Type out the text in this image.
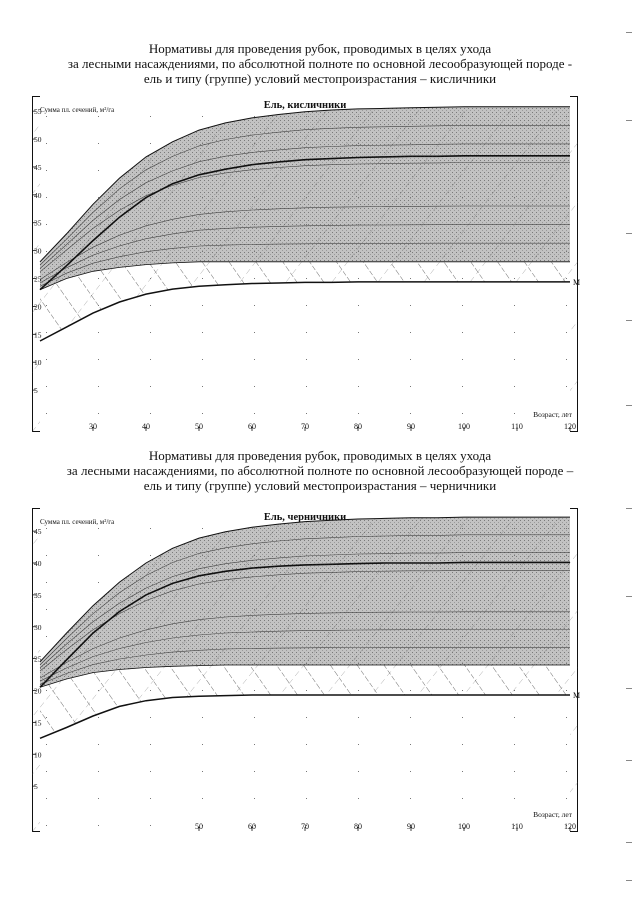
Нормативы для проведения рубок, проводимых в целях ухода
за лесными насаждениями, по абсолютной полноте по основной лесообразующей породе -
ель и типу (группе) условий местопроизрастания – кисличники
М
5
10
15
20
25
30
35
40
45
50
55
30	40	50	60	70	80	90	100	110	120
Ель, кисличники
Сумма пл. сечений, м²/га
Возраст, лет
Нормативы для проведения рубок, проводимых в целях ухода
за лесными насаждениями, по абсолютной полноте по основной лесообразующей породе –
ель и типу (группе) условий местопроизрастания – черничники
М
5
10
15
20
25
30
35
40
45
50	60	70	80	90	100	110	120
Ель, черничники
Сумма пл. сечений, м²/га
Возраст, лет
